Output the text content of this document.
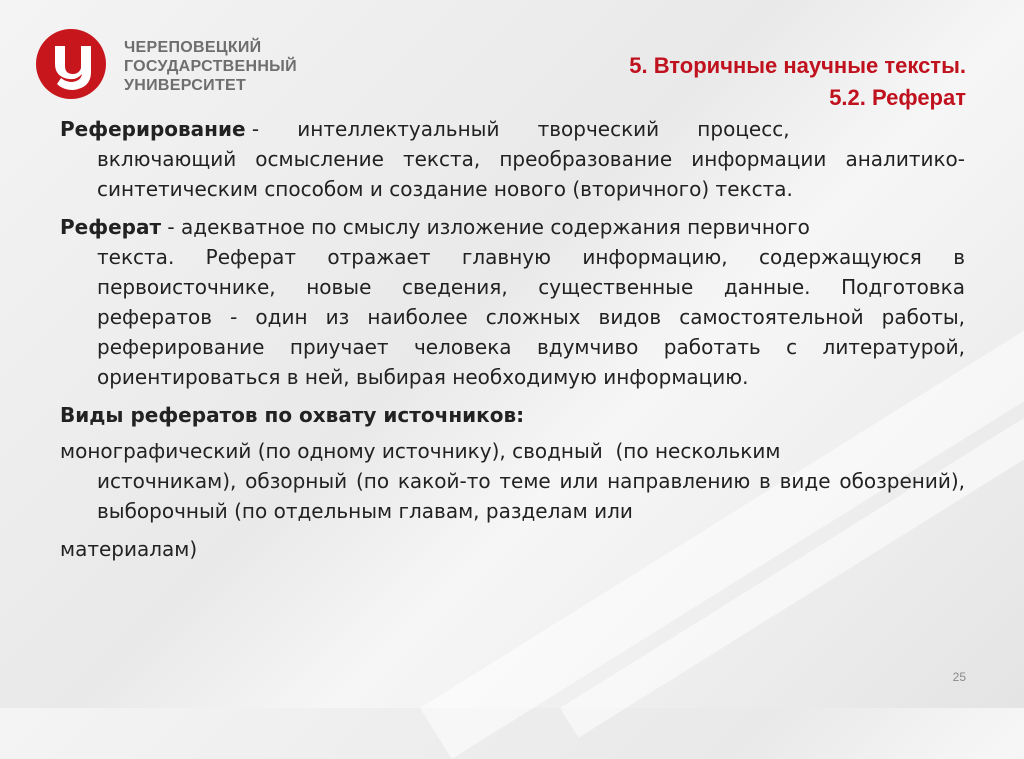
ЧЕРЕПОВЕЦКИЙ
ГОСУДАРСТВЕННЫЙ
УНИВЕРСИТЕТ
5. Вторичные научные тексты.
5.2. Реферат

Реферирование -      интеллектуальный      творческий      процесс,
включающий осмысление текста, преобразование информации аналитико-синтетическим способом и создание нового (вторичного) текста.

Реферат - адекватное по смыслу изложение содержания первичного
текста. Реферат отражает главную информацию, содержащуюся в первоисточнике, новые сведения, существенные данные. Подготовка рефератов - один из наиболее сложных видов самостоятельной работы, реферирование приучает человека вдумчиво работать с литературой, ориентироваться в ней, выбирая необходимую информацию.

Виды рефератов по охвату источников:

монографический (по одному источнику), сводный  (по нескольким
источникам), обзорный (по какой-то теме или направлению в виде обозрений), выборочный (по отдельным главам, разделам или

материалам)

25
